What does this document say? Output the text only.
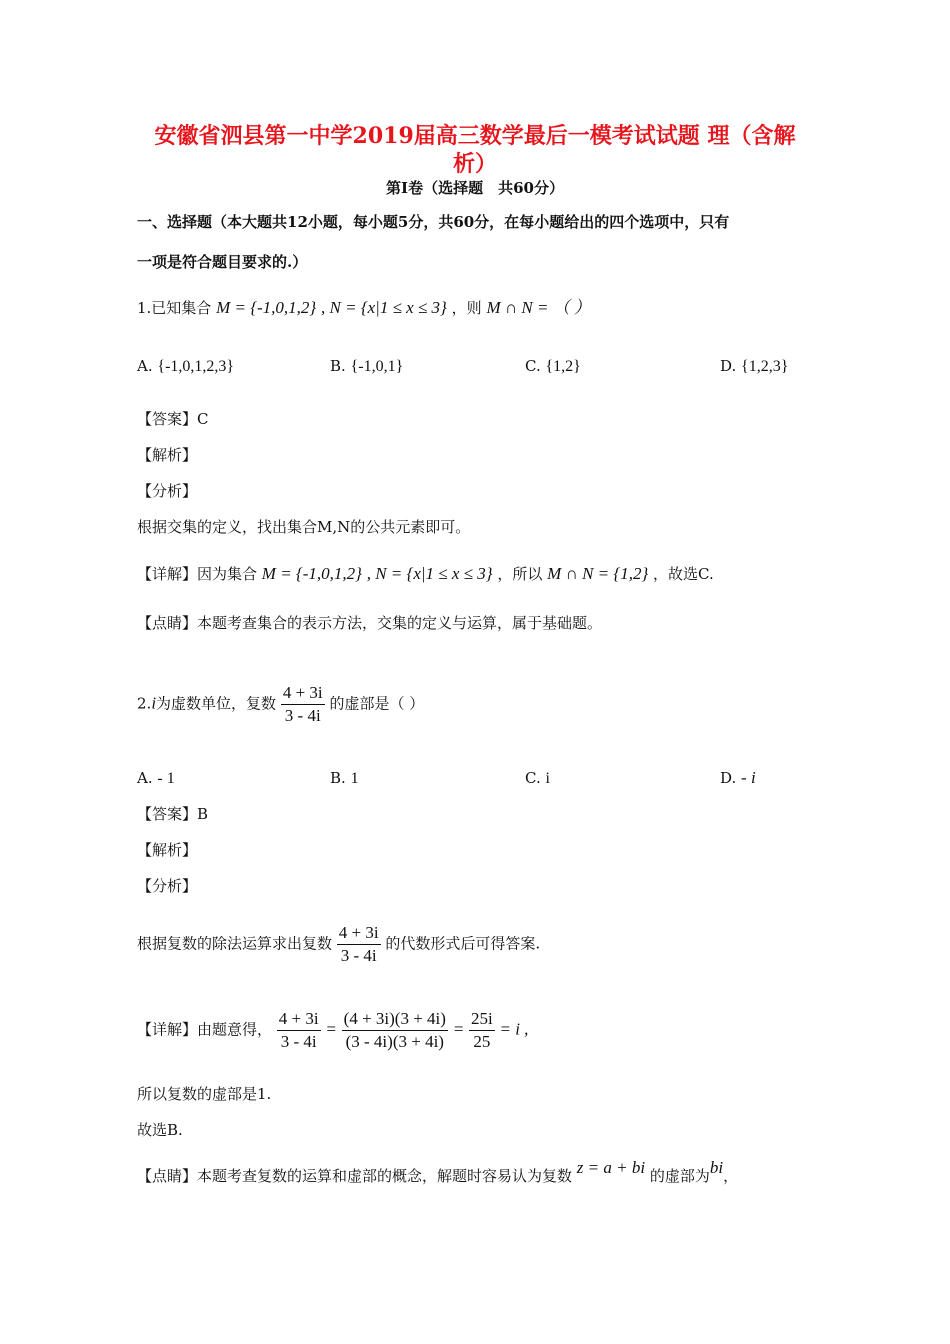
安徽省泗县第一中学2019届高三数学最后一模考试试题 理（含解
析）
第Ⅰ卷（选择题　共60分）
一、选择题（本大题共12小题，每小题5分，共60分，在每小题给出的四个选项中，只有
一项是符合题目要求的.）
1.已知集合 M = {-1,0,1,2} , N = {x|1 ≤ x ≤ 3} ，则 M ∩ N = （ ）
A. {-1,0,1,2,3}	B. {-1,0,1}	C. {1,2}	D. {1,2,3}
【答案】C
【解析】
【分析】
根据交集的定义，找出集合M,N的公共元素即可。
【详解】因为集合 M = {-1,0,1,2} , N = {x|1 ≤ x ≤ 3} ，所以 M ∩ N = {1,2} ，故选C.
【点睛】本题考查集合的表示方法，交集的定义与运算，属于基础题。
2.i为虚数单位，复数 $\frac{4 + 3i}{3 - 4i}$ 的虚部是（ ）
A. - 1	B. 1	C. i	D. - i
【答案】B
【解析】
【分析】
根据复数的除法运算求出复数 $\frac{4 + 3i}{3 - 4i}$ 的代数形式后可得答案.
【详解】由题意得， $\frac{4 + 3i}{3 - 4i} = \frac{(4 + 3i)(3 + 4i)}{(3 - 4i)(3 + 4i)} = \frac{25i}{25} = i$ ,
所以复数的虚部是1.
故选B.
【点睛】本题考查复数的运算和虚部的概念，解题时容易认为复数 z = a + bi 的虚部为bi，
